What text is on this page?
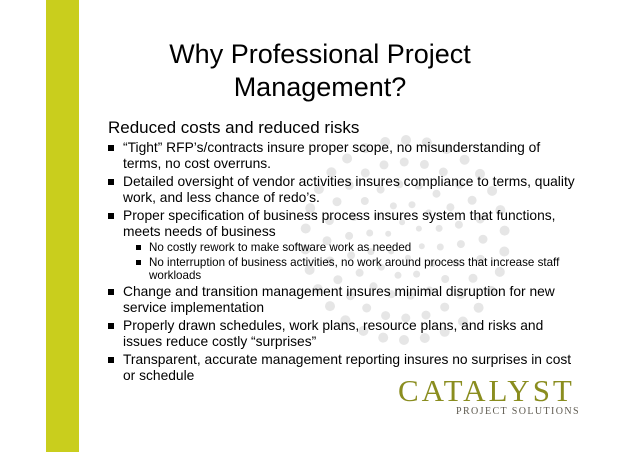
Why Professional Project Management?

Reduced costs and reduced risks

“Tight” RFP’s/contracts insure proper scope, no misunderstanding of terms, no cost overruns.
Detailed oversight of vendor activities insures compliance to terms, quality work, and less chance of redo’s.
Proper specification of business process insures system that functions, meets needs of business
No costly rework to make software work as needed
No interruption of business activities, no work around process that increase staff workloads
Change and transition management insures minimal disruption for new service implementation
Properly drawn schedules, work plans, resource plans, and risks and issues reduce costly “surprises”
Transparent, accurate management reporting insures no surprises in cost or schedule	CATALYST
PROJECT SOLUTIONS
